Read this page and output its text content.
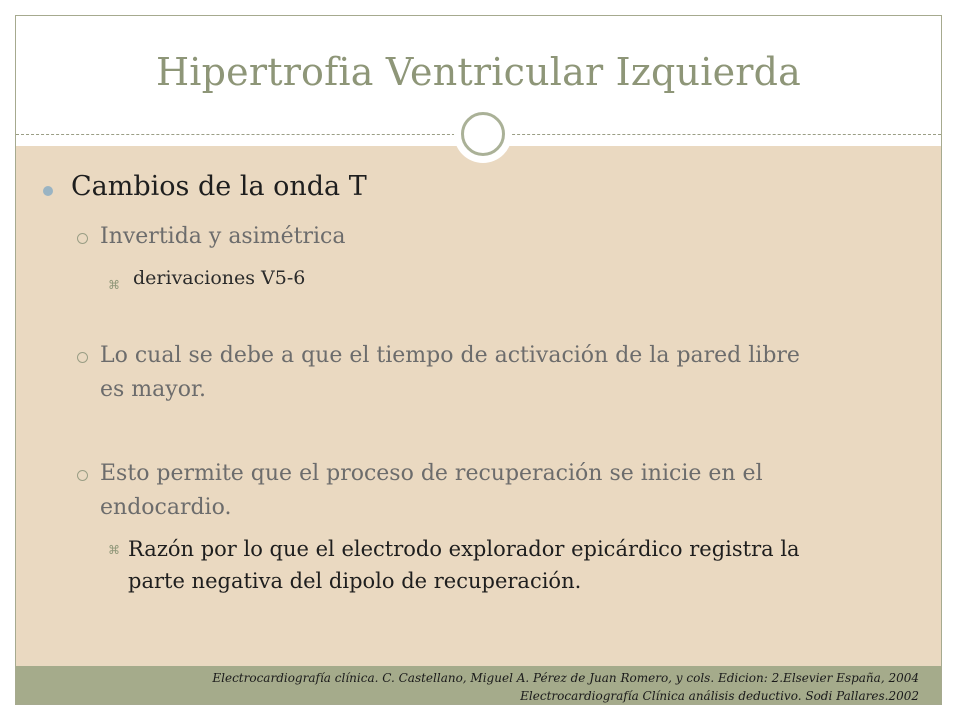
Hipertrofia Ventricular Izquierda
Cambios de la onda T
Invertida y asimétrica
⌘ derivaciones V5-6
Lo cual se debe a que el tiempo de activación de la pared libre
es mayor.
Esto permite que el proceso de recuperación se inicie en el
endocardio.
⌘ Razón por lo que el electrodo explorador epicárdico registra la
parte negativa del dipolo de recuperación.
Electrocardiografía clínica. C. Castellano, Miguel A. Pérez de Juan Romero, y cols. Edicion: 2.Elsevier España, 2004
Electrocardiografía Clínica análisis deductivo. Sodi Pallares.2002
